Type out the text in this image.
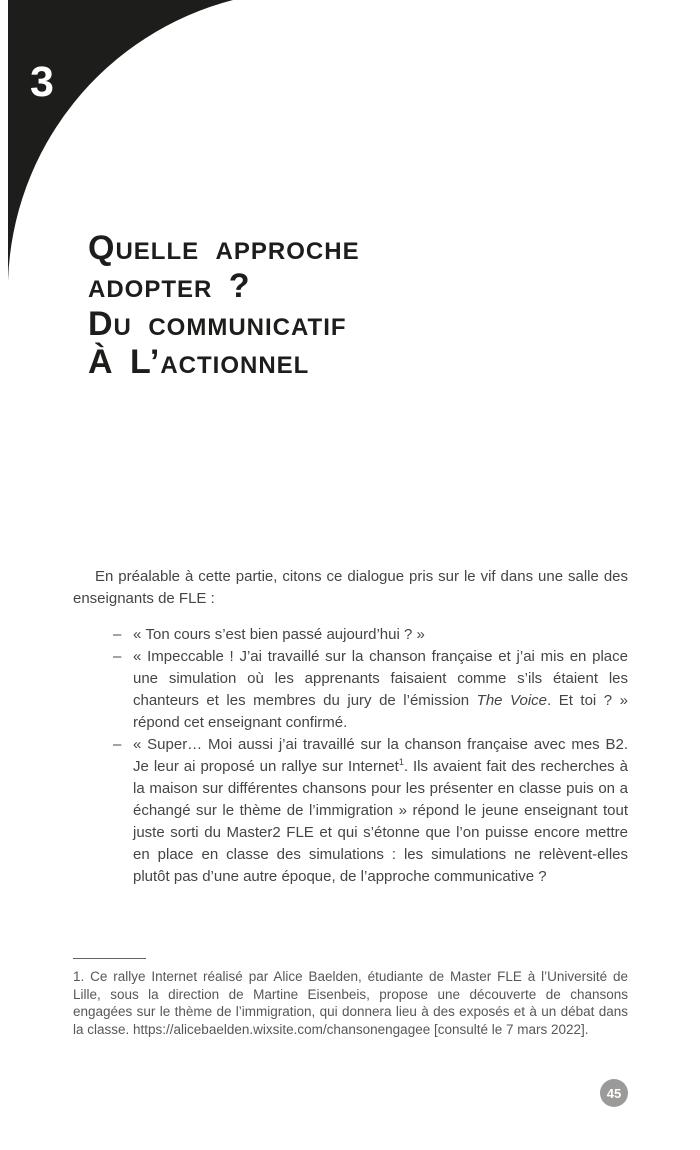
3
Quelle approche
adopter ?
Du communicatif
À L’actionnel

En préalable à cette partie, citons ce dialogue pris sur le vif dans une salle des enseignants de FLE :

– « Ton cours s’est bien passé aujourd’hui ? »
– « Impeccable ! J’ai travaillé sur la chanson française et j’ai mis en place une simulation où les apprenants faisaient comme s’ils étaient les chanteurs et les membres du jury de l’émission The Voice. Et toi ? » répond cet enseignant confirmé.
– « Super… Moi aussi j’ai travaillé sur la chanson française avec mes B2. Je leur ai proposé un rallye sur Internet$^1$. Ils avaient fait des recherches à la maison sur différentes chansons pour les présenter en classe puis on a échangé sur le thème de l’immigration » répond le jeune enseignant tout juste sorti du Master2 FLE et qui s’étonne que l’on puisse encore mettre en place en classe des simulations : les simulations ne relèvent-elles plutôt pas d’une autre époque, de l’approche communicative ?

1. Ce rallye Internet réalisé par Alice Baelden, étudiante de Master FLE à l’Université de Lille, sous la direction de Martine Eisenbeis, propose une découverte de chansons engagées sur le thème de l’immigration, qui donnera lieu à des exposés et à un débat dans la classe. https://alicebaelden.wixsite.com/chansonengagee [consulté le 7 mars 2022].

45
